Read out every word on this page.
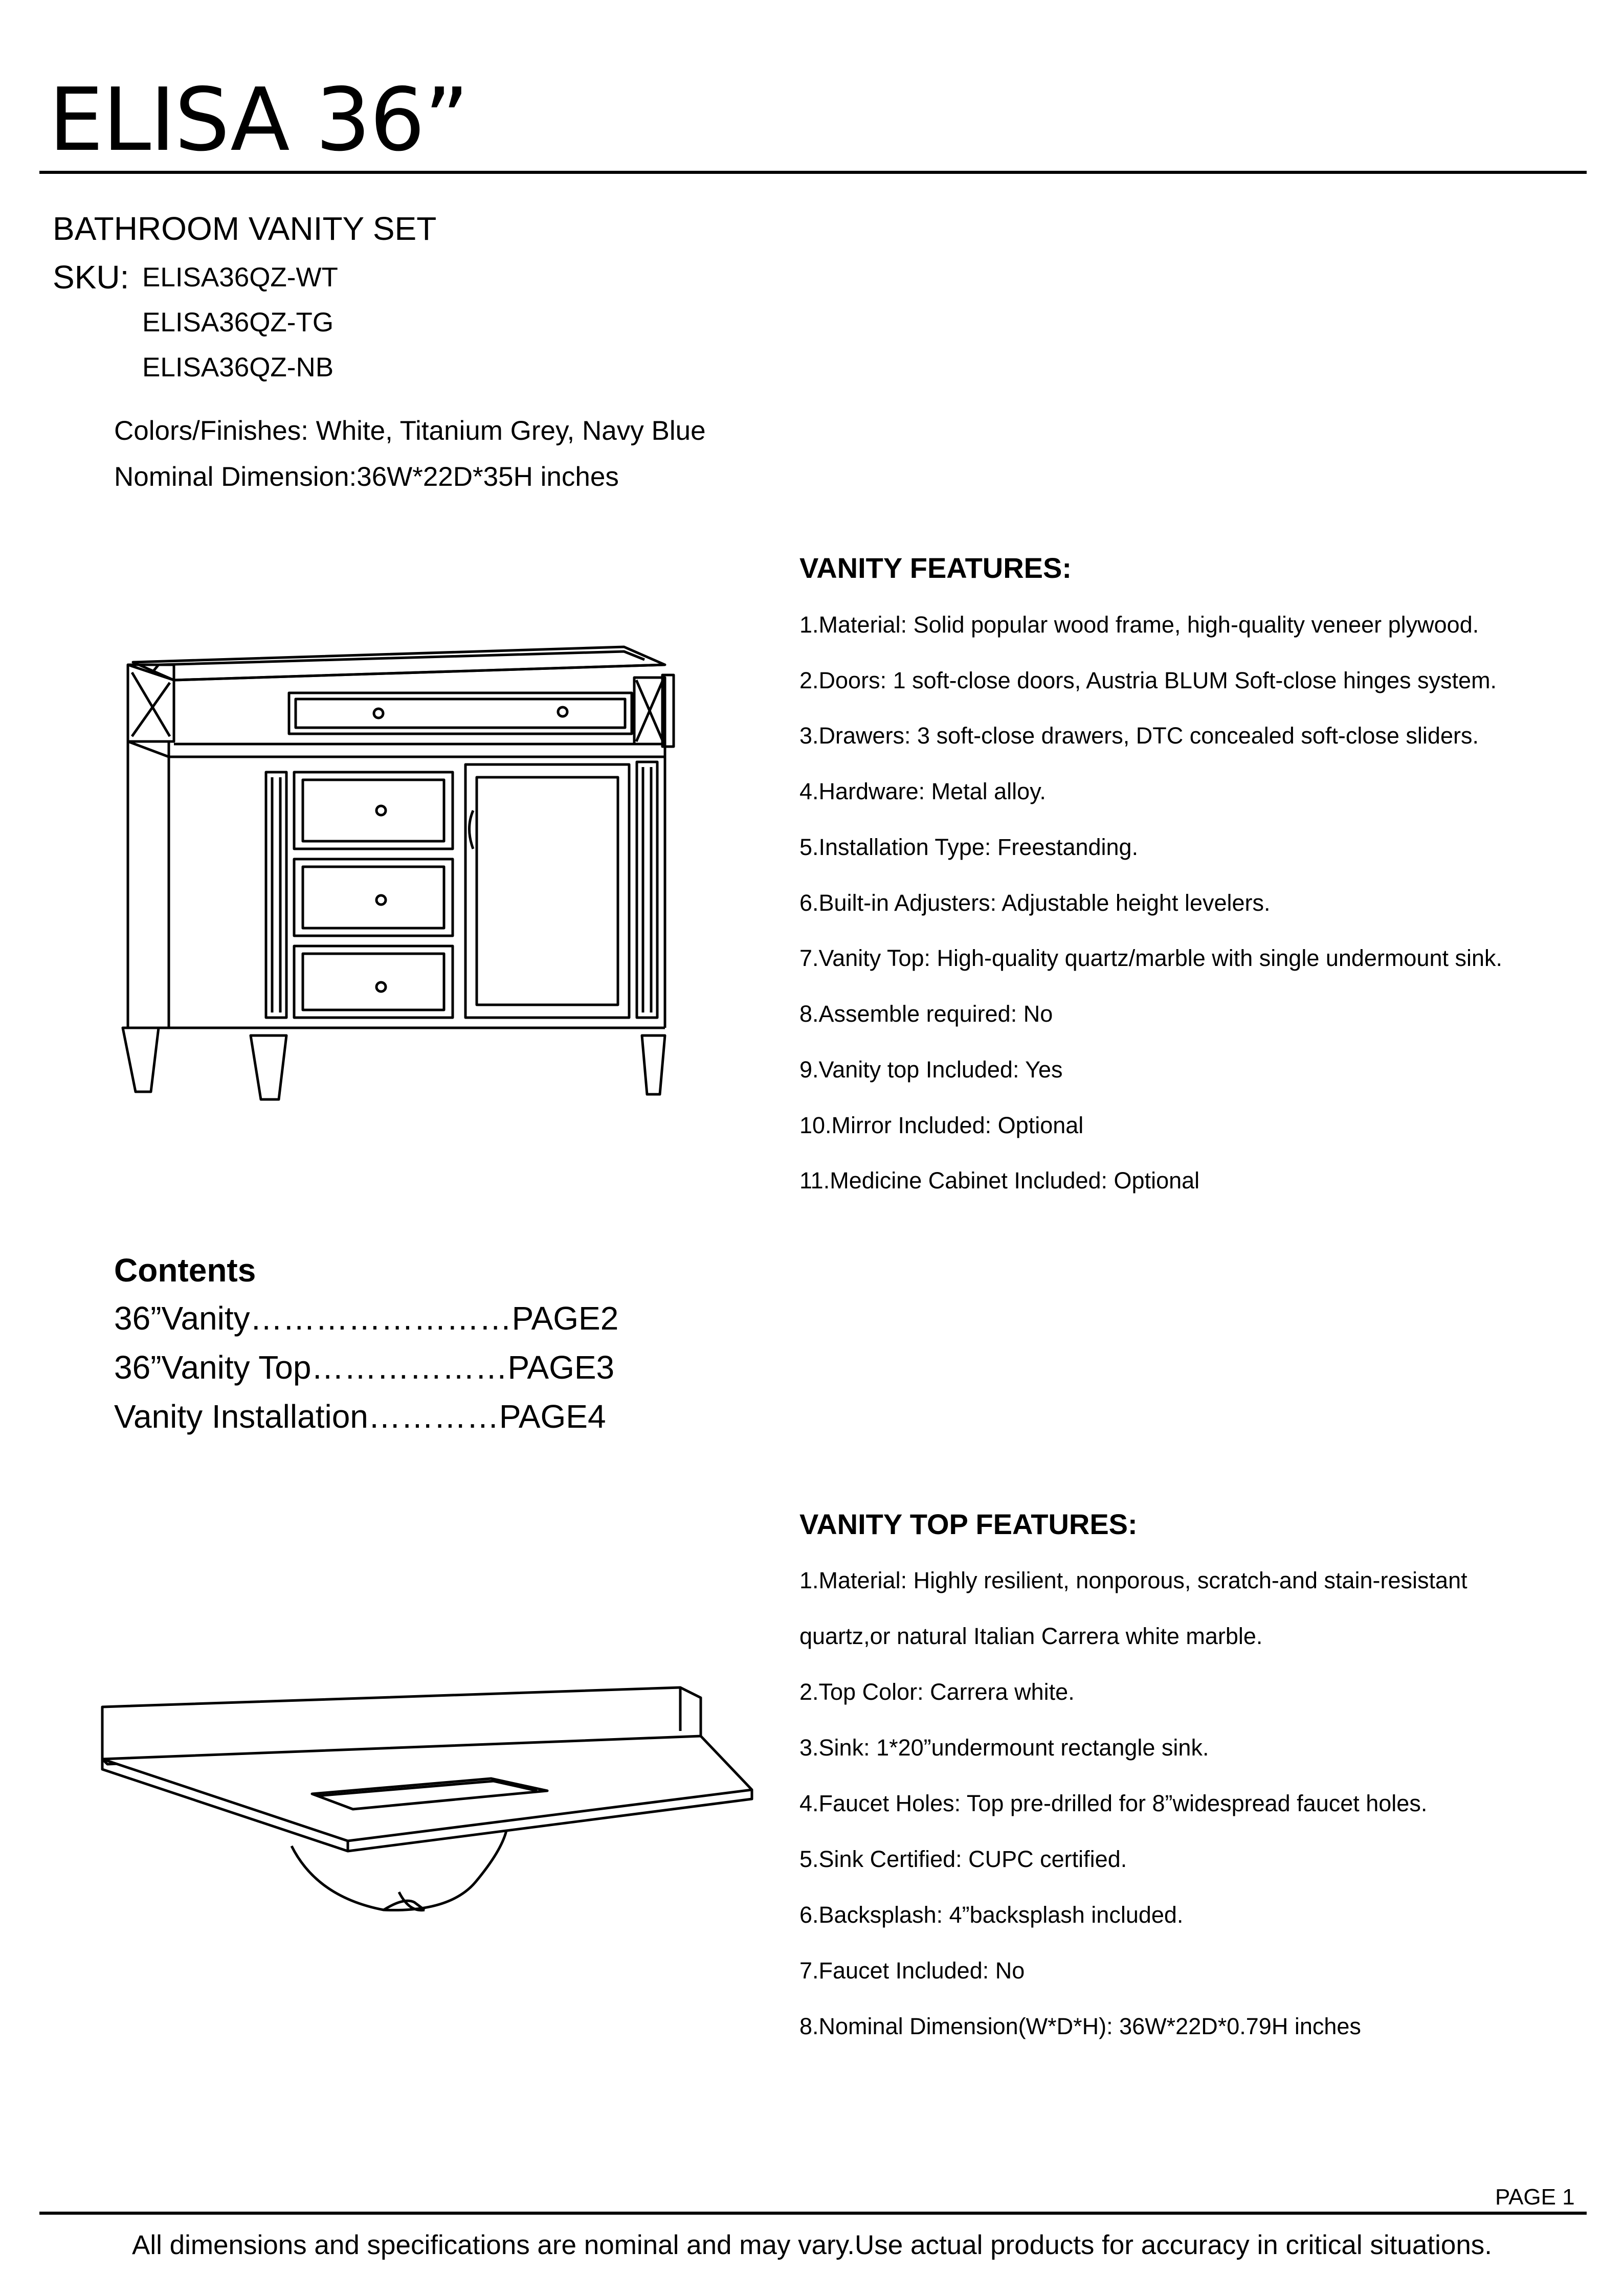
ELISA 36”
BATHROOM VANITY SET
SKU: ELISA36QZ-WT
ELISA36QZ-TG
ELISA36QZ-NB
Colors/Finishes: White, Titanium Grey, Navy Blue
Nominal Dimension:36W*22D*35H inches
VANITY FEATURES:
1.Material: Solid popular wood frame, high-quality veneer plywood.
2.Doors: 1 soft-close doors, Austria BLUM Soft-close hinges system.
3.Drawers: 3 soft-close drawers, DTC concealed soft-close sliders.
4.Hardware: Metal alloy.
5.Installation Type: Freestanding.
6.Built-in Adjusters: Adjustable height levelers.
7.Vanity Top: High-quality quartz/marble with single undermount sink.
8.Assemble required: No
9.Vanity top Included: Yes
10.Mirror Included: Optional
11.Medicine Cabinet Included: Optional
Contents
36”Vanity……………………PAGE2
36”Vanity Top………………PAGE3
Vanity Installation…………PAGE4
VANITY TOP FEATURES:
1.Material: Highly resilient, nonporous, scratch-and stain-resistant
quartz,or natural Italian Carrera white marble.
2.Top Color: Carrera white.
3.Sink: 1*20”undermount rectangle sink.
4.Faucet Holes: Top pre-drilled for 8”widespread faucet holes.
5.Sink Certified: CUPC certified.
6.Backsplash: 4”backsplash included.
7.Faucet Included: No
8.Nominal Dimension(W*D*H): 36W*22D*0.79H inches
PAGE 1
All dimensions and specifications are nominal and may vary.Use actual products for accuracy in critical situations.
